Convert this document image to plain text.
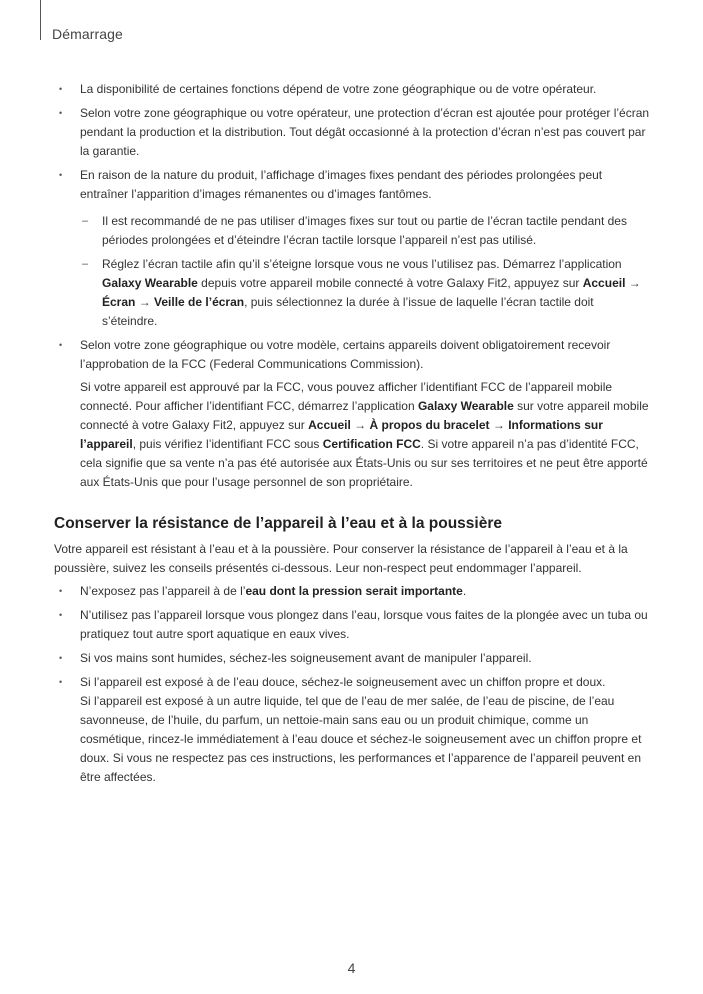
Démarrage
• La disponibilité de certaines fonctions dépend de votre zone géographique ou de votre opérateur.
• Selon votre zone géographique ou votre opérateur, une protection d’écran est ajoutée pour protéger l’écran pendant la production et la distribution. Tout dégât occasionné à la protection d’écran n’est pas couvert par la garantie.
• En raison de la nature du produit, l’affichage d’images fixes pendant des périodes prolongées peut entraîner l’apparition d’images rémanentes ou d’images fantômes.
– Il est recommandé de ne pas utiliser d’images fixes sur tout ou partie de l’écran tactile pendant des périodes prolongées et d’éteindre l’écran tactile lorsque l’appareil n’est pas utilisé.
– Réglez l’écran tactile afin qu’il s’éteigne lorsque vous ne vous l’utilisez pas. Démarrez l’application Galaxy Wearable depuis votre appareil mobile connecté à votre Galaxy Fit2, appuyez sur Accueil → Écran → Veille de l’écran, puis sélectionnez la durée à l’issue de laquelle l’écran tactile doit s’éteindre.
• Selon votre zone géographique ou votre modèle, certains appareils doivent obligatoirement recevoir l’approbation de la FCC (Federal Communications Commission).

Si votre appareil est approuvé par la FCC, vous pouvez afficher l’identifiant FCC de l’appareil mobile connecté. Pour afficher l’identifiant FCC, démarrez l’application Galaxy Wearable sur votre appareil mobile connecté à votre Galaxy Fit2, appuyez sur Accueil → À propos du bracelet → Informations sur l’appareil, puis vérifiez l’identifiant FCC sous Certification FCC. Si votre appareil n’a pas d’identité FCC, cela signifie que sa vente n’a pas été autorisée aux États-Unis ou sur ses territoires et ne peut être apporté aux États-Unis que pour l’usage personnel de son propriétaire.

Conserver la résistance de l’appareil à l’eau et à la poussière

Votre appareil est résistant à l’eau et à la poussière. Pour conserver la résistance de l’appareil à l’eau et à la poussière, suivez les conseils présentés ci-dessous. Leur non-respect peut endommager l’appareil.

• N’exposez pas l’appareil à de l’eau dont la pression serait importante.
• N’utilisez pas l’appareil lorsque vous plongez dans l’eau, lorsque vous faites de la plongée avec un tuba ou pratiquez tout autre sport aquatique en eaux vives.
• Si vos mains sont humides, séchez-les soigneusement avant de manipuler l’appareil.
• Si l’appareil est exposé à de l’eau douce, séchez-le soigneusement avec un chiffon propre et doux.
Si l’appareil est exposé à un autre liquide, tel que de l’eau de mer salée, de l’eau de piscine, de l’eau savonneuse, de l’huile, du parfum, un nettoie-main sans eau ou un produit chimique, comme un cosmétique, rincez-le immédiatement à l’eau douce et séchez-le soigneusement avec un chiffon propre et doux. Si vous ne respectez pas ces instructions, les performances et l’apparence de l’appareil peuvent en être affectées.
4
